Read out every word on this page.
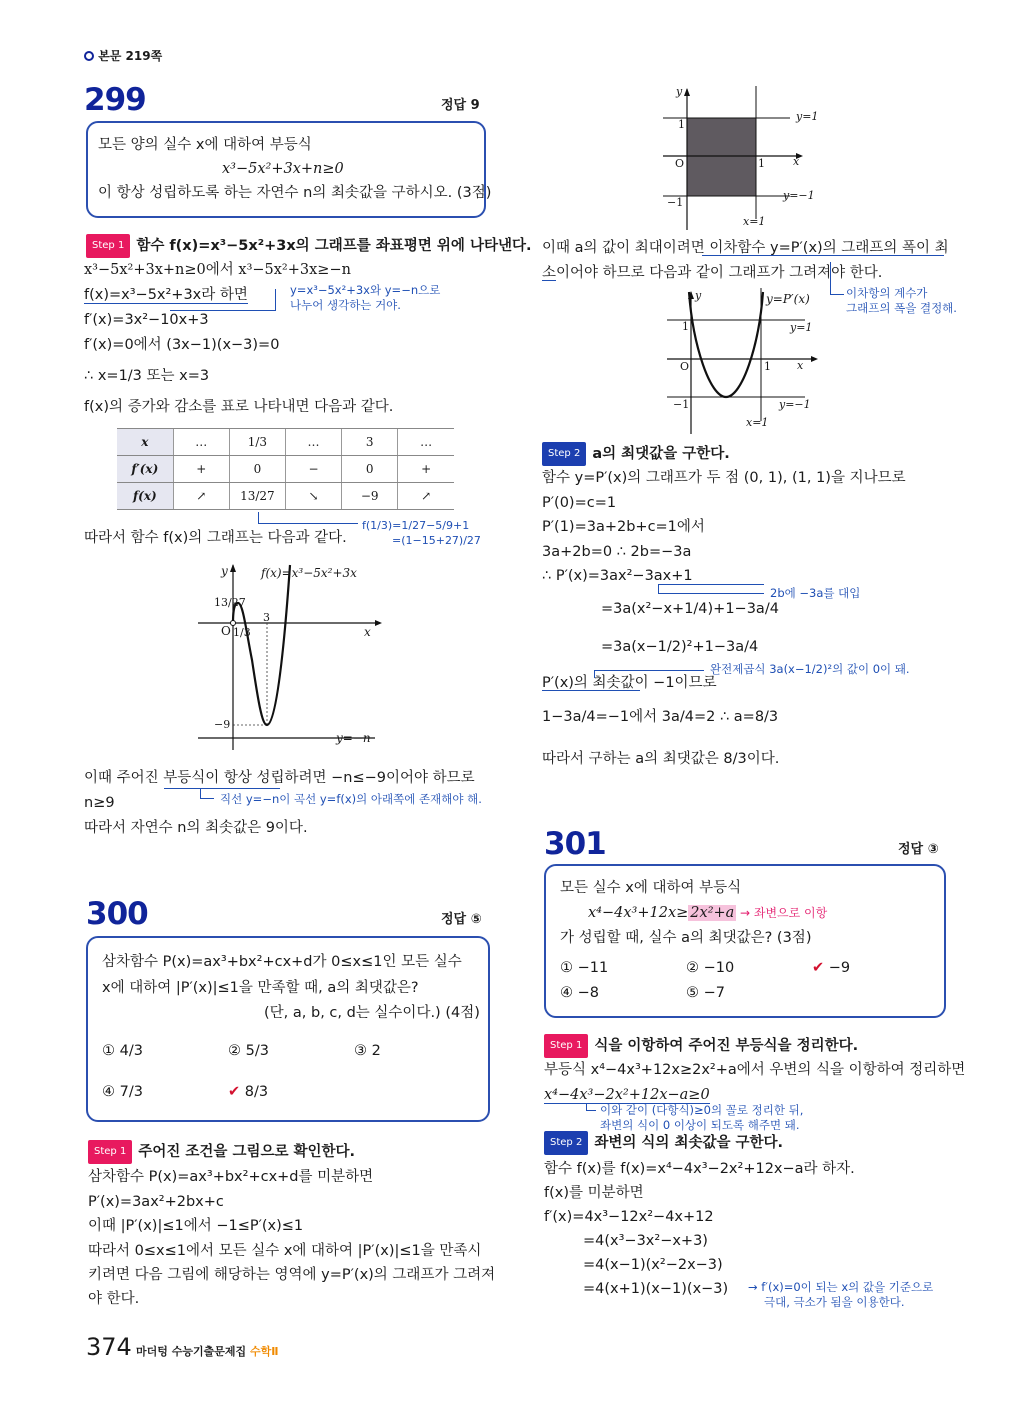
본문 219쪽
299	정답 9
모든 양의 실수 x에 대하여 부등식
x³−5x²+3x+n≥0
이 항상 성립하도록 하는 자연수 n의 최솟값을 구하시오. (3점)
Step 1 함수 f(x)=x³−5x²+3x의 그래프를 좌표평면 위에 나타낸다.
x³−5x²+3x+n≥0에서 x³−5x²+3x≥−n
f(x)=x³−5x²+3x라 하면	y=x³−5x²+3x와 y=−n으로
나누어 생각하는 거야.
f′(x)=3x²−10x+3
f′(x)=0에서 (3x−1)(x−3)=0
∴ x=1/3 또는 x=3
f(x)의 증가와 감소를 표로 나타내면 다음과 같다.
x	…	1/3	…	3	…
f′(x)	+	0	−	0	+
f(x)	↗	13/27	↘	−9	↗
따라서 함수 f(x)의 그래프는 다음과 같다.
f(1/3)=1/27−5/9+1
=(1−15+27)/27
y	f(x)=x³−5x²+3x
13/27
O 1/3
3
x
−9
y=−n
이때 주어진 부등식이 항상 성립하려면 −n≤−9이어야 하므로
n≥9	직선 y=−n이 곡선 y=f(x)의 아래쪽에 존재해야 해.
따라서 자연수 n의 최솟값은 9이다.
300	정답 ⑤
삼차함수 P(x)=ax³+bx²+cx+d가 0≤x≤1인 모든 실수
x에 대하여 |P′(x)|≤1을 만족할 때, a의 최댓값은?
(단, a, b, c, d는 실수이다.) (4점)
① 4/3	② 5/3	③ 2
④ 7/3	✔ 8/3
Step 1 주어진 조건을 그림으로 확인한다.
삼차함수 P(x)=ax³+bx²+cx+d를 미분하면
P′(x)=3ax²+2bx+c
이때 |P′(x)|≤1에서 −1≤P′(x)≤1
따라서 0≤x≤1에서 모든 실수 x에 대하여 |P′(x)|≤1을 만족시
키려면 다음 그림에 해당하는 영역에 y=P′(x)의 그래프가 그려져
야 한다.
374 마더텅 수능기출문제집 수학Ⅱ
y
1
y=1
O	1	x
−1
y=−1
x=1
이때 a의 값이 최대이려면 이차함수 y=P′(x)의 그래프의 폭이 최
소이어야 하므로 다음과 같이 그래프가 그려져야 한다.
이차항의 계수가
그래프의 폭을 결정해.
y	y=P′(x)
1	y=1
O	1 x
−1	y=−1
x=1
Step 2 a의 최댓값을 구한다.
함수 y=P′(x)의 그래프가 두 점 (0, 1), (1, 1)을 지나므로
P′(0)=c=1
P′(1)=3a+2b+c=1에서
3a+2b=0 ∴ 2b=−3a
∴ P′(x)=3ax²−3ax+1
2b에 −3a를 대입
=3a(x²−x+1/4)+1−3a/4
=3a(x−1/2)²+1−3a/4
P′(x)의 최솟값이 −1이므로
완전제곱식 3a(x−1/2)²의 값이 0이 돼.
1−3a/4=−1에서 3a/4=2 ∴ a=8/3
따라서 구하는 a의 최댓값은 8/3이다.
301	정답 ③
모든 실수 x에 대하여 부등식
x⁴−4x³+12x≥ 2x²+a → 좌변으로 이항
가 성립할 때, 실수 a의 최댓값은? (3점)
① −11	② −10	✔ −9
④ −8	⑤ −7
Step 1 식을 이항하여 주어진 부등식을 정리한다.
부등식 x⁴−4x³+12x≥2x²+a에서 우변의 식을 이항하여 정리하면
x⁴−4x³−2x²+12x−a≥0
이와 같이 (다항식)≥0의 꼴로 정리한 뒤,
좌변의 식이 0 이상이 되도록 해주면 돼.
Step 2 좌변의 식의 최솟값을 구한다.
함수 f(x)를 f(x)=x⁴−4x³−2x²+12x−a라 하자.
f(x)를 미분하면
f′(x)=4x³−12x²−4x+12
=4(x³−3x²−x+3)
=4(x−1)(x²−2x−3)
=4(x+1)(x−1)(x−3) → f′(x)=0이 되는 x의 값을 기준으로
극대, 극소가 됨을 이용한다.
